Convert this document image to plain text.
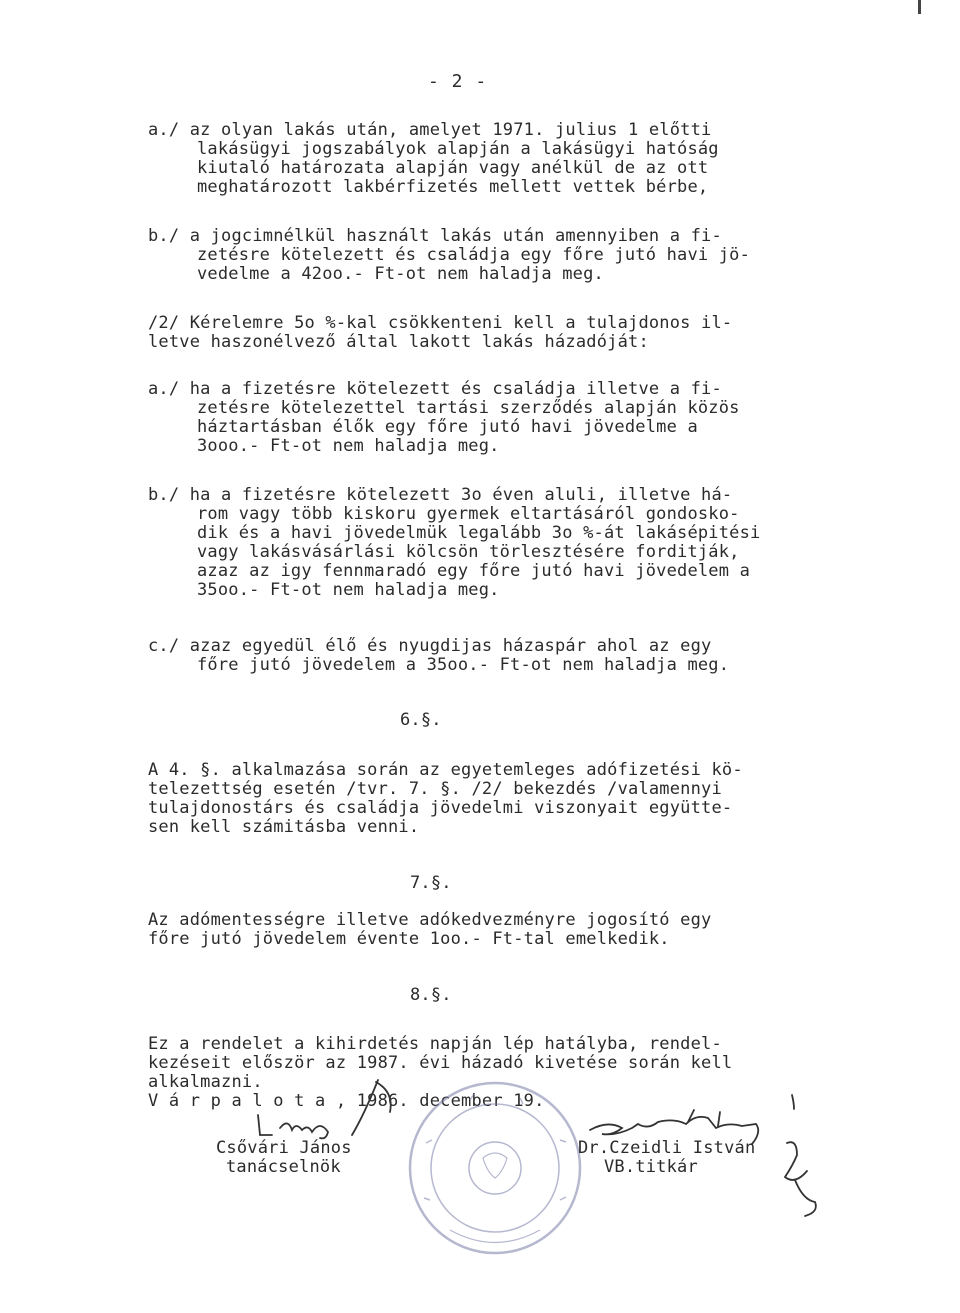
- 2 -
a./ az olyan lakás után, amelyet 1971. julius 1 előtti
lakásügyi jogszabályok alapján a lakásügyi hatóság
kiutaló határozata alapján vagy anélkül de az ott
meghatározott lakbérfizetés mellett vettek bérbe,
b./ a jogcimnélkül használt lakás után amennyiben a fi-
zetésre kötelezett és családja egy főre jutó havi jö-
vedelme a 42oo.- Ft-ot nem haladja meg.
/2/ Kérelemre 5o %-kal csökkenteni kell a tulajdonos il-
letve haszonélvező által lakott lakás házadóját:
a./ ha a fizetésre kötelezett és családja illetve a fi-
zetésre kötelezettel tartási szerződés alapján közös
háztartásban élők egy főre jutó havi jövedelme a
3ooo.- Ft-ot nem haladja meg.
b./ ha a fizetésre kötelezett 3o éven aluli, illetve há-
rom vagy több kiskoru gyermek eltartásáról gondosko-
dik és a havi jövedelmük legalább 3o %-át lakásépitési
vagy lakásvásárlási kölcsön törlesztésére forditják,
azaz az igy fennmaradó egy főre jutó havi jövedelem a
35oo.- Ft-ot nem haladja meg.
c./ azaz egyedül élő és nyugdijas házaspár ahol az egy
főre jutó jövedelem a 35oo.- Ft-ot nem haladja meg.
6.§.
A 4. §. alkalmazása során az egyetemleges adófizetési kö-
telezettség esetén /tvr. 7. §. /2/ bekezdés /valamennyi
tulajdonostárs és családja jövedelmi viszonyait együtte-
sen kell számitásba venni.
7.§.
Az adómentességre illetve adókedvezményre jogosító egy
főre jutó jövedelem évente 1oo.- Ft-tal emelkedik.
8.§.
Ez a rendelet a kihirdetés napján lép hatályba, rendel-
kezéseit először az 1987. évi házadó kivetése során kell
alkalmazni.
V á r p a l o t a , 1986. december 19.
Csővári János
tanácselnök
Dr.Czeidli István
VB.titkár
